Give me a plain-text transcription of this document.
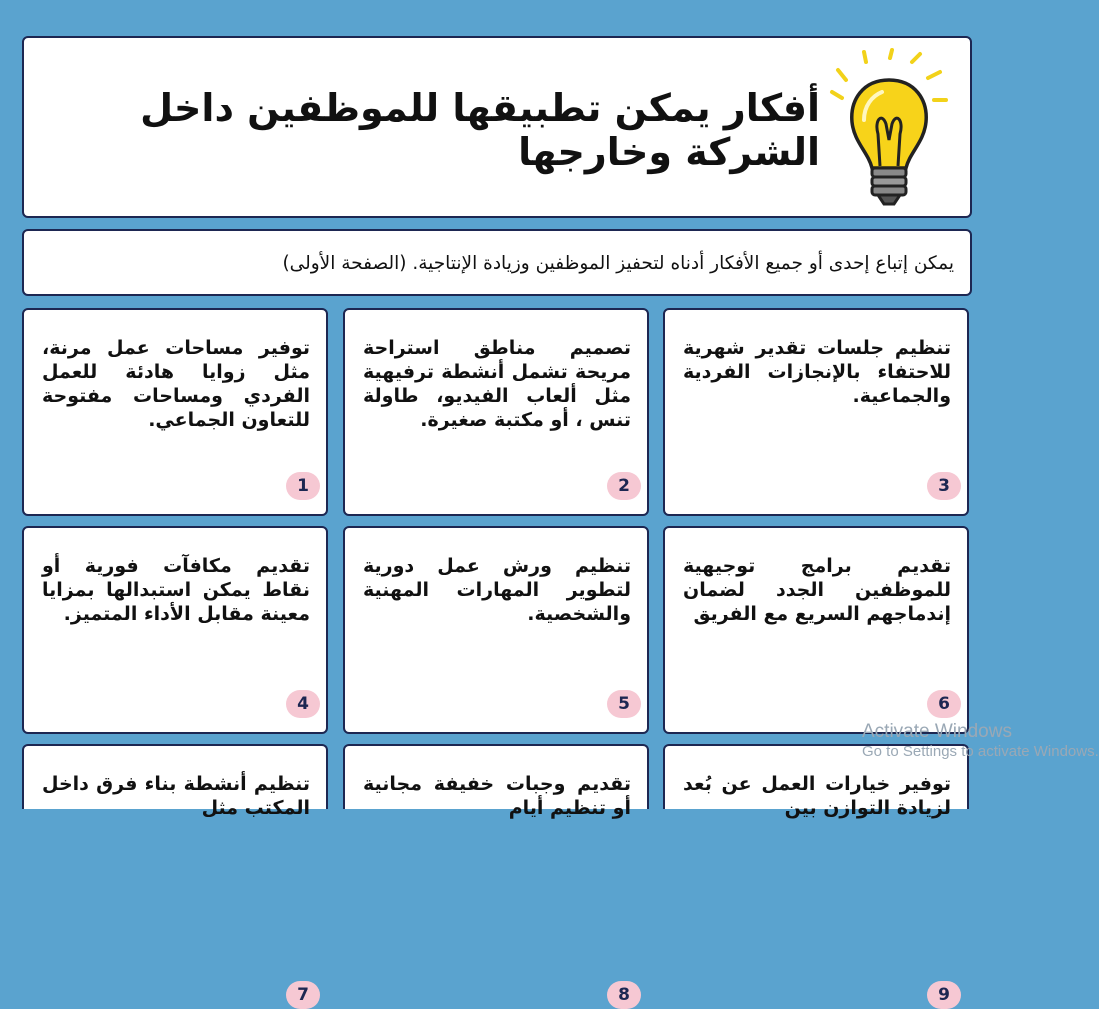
أفكار يمكن تطبيقها للموظفين داخل الشركة وخارجها
يمكن إتباع إحدى أو جميع الأفكار أدناه لتحفيز الموظفين وزيادة الإنتاجية. (الصفحة الأولى)
تنظيم جلسات تقدير شهرية للاحتفاء بالإنجازات الفردية والجماعية.
3
تصميم مناطق استراحة مريحة تشمل أنشطة ترفيهية مثل ألعاب الفيديو، طاولة تنس ، أو مكتبة صغيرة.
2
توفير مساحات عمل مرنة، مثل زوايا هادئة للعمل الفردي ومساحات مفتوحة للتعاون الجماعي.
1
تقديم برامج توجيهية للموظفين الجدد لضمان إندماجهم السريع مع الفريق
6
تنظيم ورش عمل دورية لتطوير المهارات المهنية والشخصية.
5
تقديم مكافآت فورية أو نقاط يمكن استبدالها بمزايا معينة مقابل الأداء المتميز.
4
توفير خيارات العمل عن بُعد لزيادة التوازن بين
9
تقديم وجبات خفيفة مجانية أو تنظيم أيام
8
تنظيم أنشطة بناء فرق داخل المكتب مثل
7
Activate Windows
Go to Settings to activate Windows.
